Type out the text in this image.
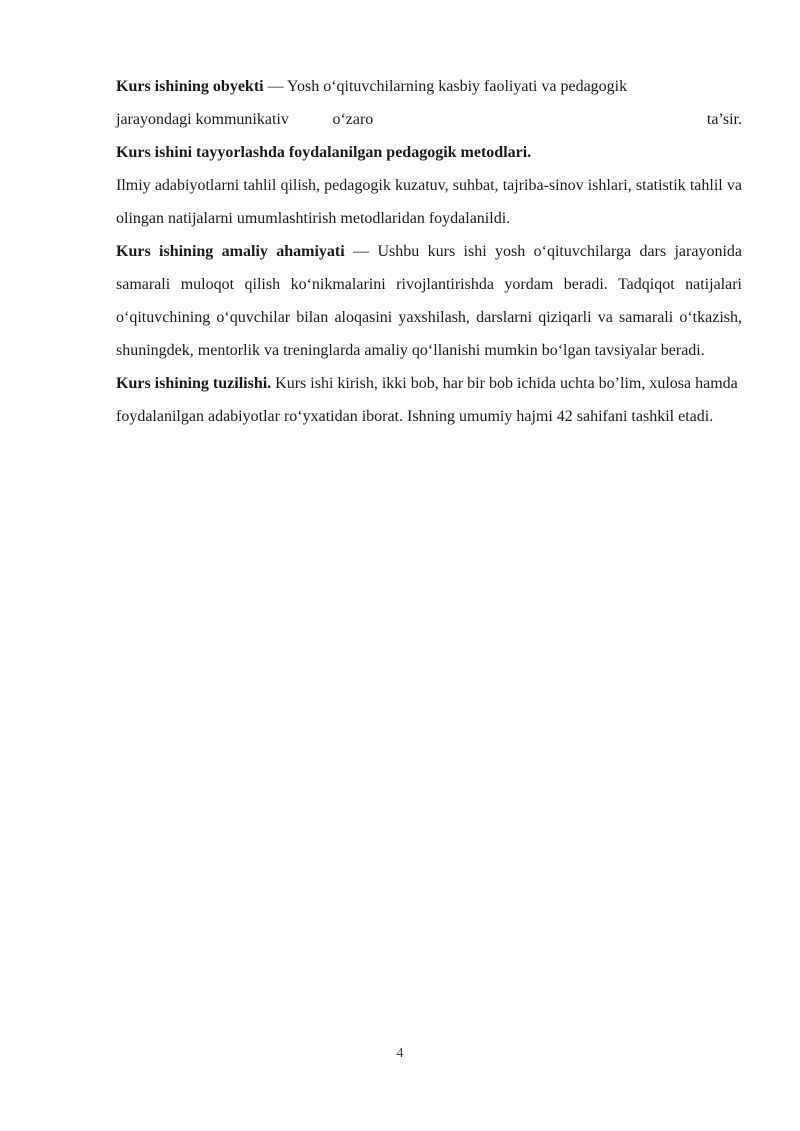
Kurs ishining obyekti — Yosh o‘qituvchilarning kasbiy faoliyati va pedagogik
jarayondagi kommunikativ	o‘zaro	ta’sir.

Kurs ishini tayyorlashda foydalanilgan pedagogik metodlari.
Ilmiy adabiyotlarni tahlil qilish, pedagogik kuzatuv, suhbat, tajriba-sinov ishlari, statistik tahlil va olingan natijalarni umumlashtirish metodlaridan foydalanildi.

Kurs ishining amaliy ahamiyati — Ushbu kurs ishi yosh o‘qituvchilarga dars jarayonida samarali muloqot qilish ko‘nikmalarini rivojlantirishda yordam beradi. Tadqiqot natijalari o‘qituvchining o‘quvchilar bilan aloqasini yaxshilash, darslarni qiziqarli va samarali o‘tkazish, shuningdek, mentorlik va treninglarda amaliy qo‘llanishi mumkin bo‘lgan tavsiyalar beradi.

Kurs ishining tuzilishi. Kurs ishi kirish, ikki bob, har bir bob ichida uchta bo’lim, xulosa hamda foydalanilgan adabiyotlar ro‘yxatidan iborat. Ishning umumiy hajmi 42 sahifani tashkil etadi.

4
